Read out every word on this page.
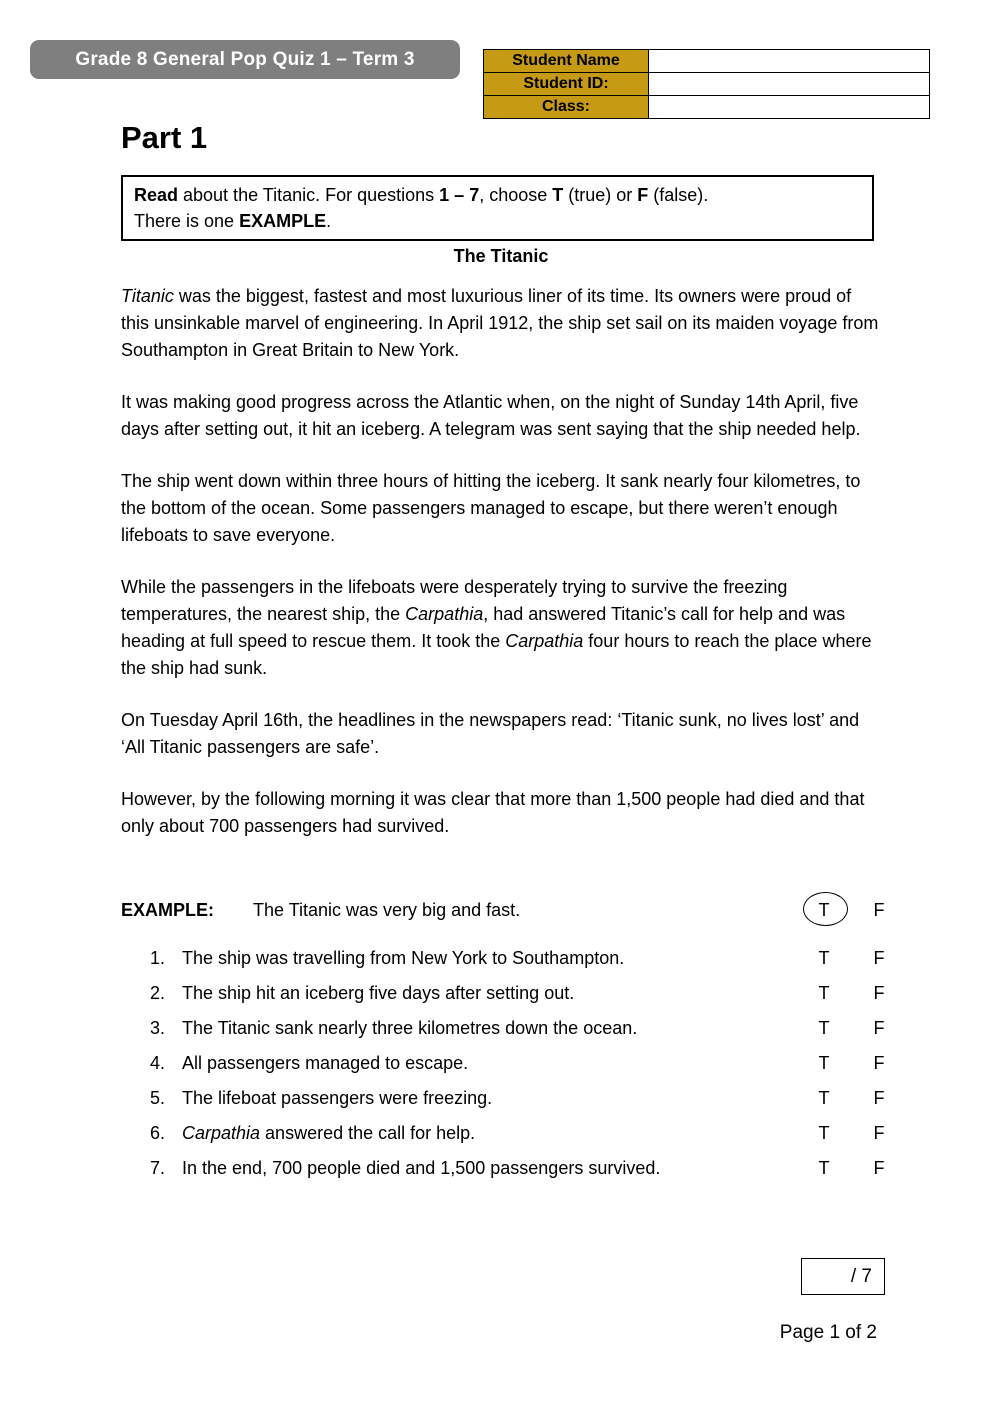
Grade 8 General Pop Quiz 1 – Term 3	Student Name	
Student ID:	
Class:	
Part 1
Read about the Titanic. For questions 1 – 7, choose T (true) or F (false).
There is one EXAMPLE.
The Titanic

Titanic was the biggest, fastest and most luxurious liner of its time. Its owners were proud of this unsinkable marvel of engineering. In April 1912, the ship set sail on its maiden voyage from Southampton in Great Britain to New York.

It was making good progress across the Atlantic when, on the night of Sunday 14th April, five days after setting out, it hit an iceberg. A telegram was sent saying that the ship needed help.

The ship went down within three hours of hitting the iceberg. It sank nearly four kilometres, to the bottom of the ocean. Some passengers managed to escape, but there weren’t enough lifeboats to save everyone.

While the passengers in the lifeboats were desperately trying to survive the freezing temperatures, the nearest ship, the Carpathia, had answered Titanic’s call for help and was heading at full speed to rescue them. It took the Carpathia four hours to reach the place where the ship had sunk.

On Tuesday April 16th, the headlines in the newspapers read: ‘Titanic sunk, no lives lost’ and ‘All Titanic passengers are safe’.

However, by the following morning it was clear that more than 1,500 people had died and that only about 700 passengers had survived.

EXAMPLE: The Titanic was very big and fast.	T	F
1. The ship was travelling from New York to Southampton.	T	F
2. The ship hit an iceberg five days after setting out.	T	F
3. The Titanic sank nearly three kilometres down the ocean.	T	F
4. All passengers managed to escape.	T	F
5. The lifeboat passengers were freezing.	T	F
6. Carpathia answered the call for help.	T	F
7. In the end, 700 people died and 1,500 passengers survived.	T	F
/ 7
Page 1 of 2
